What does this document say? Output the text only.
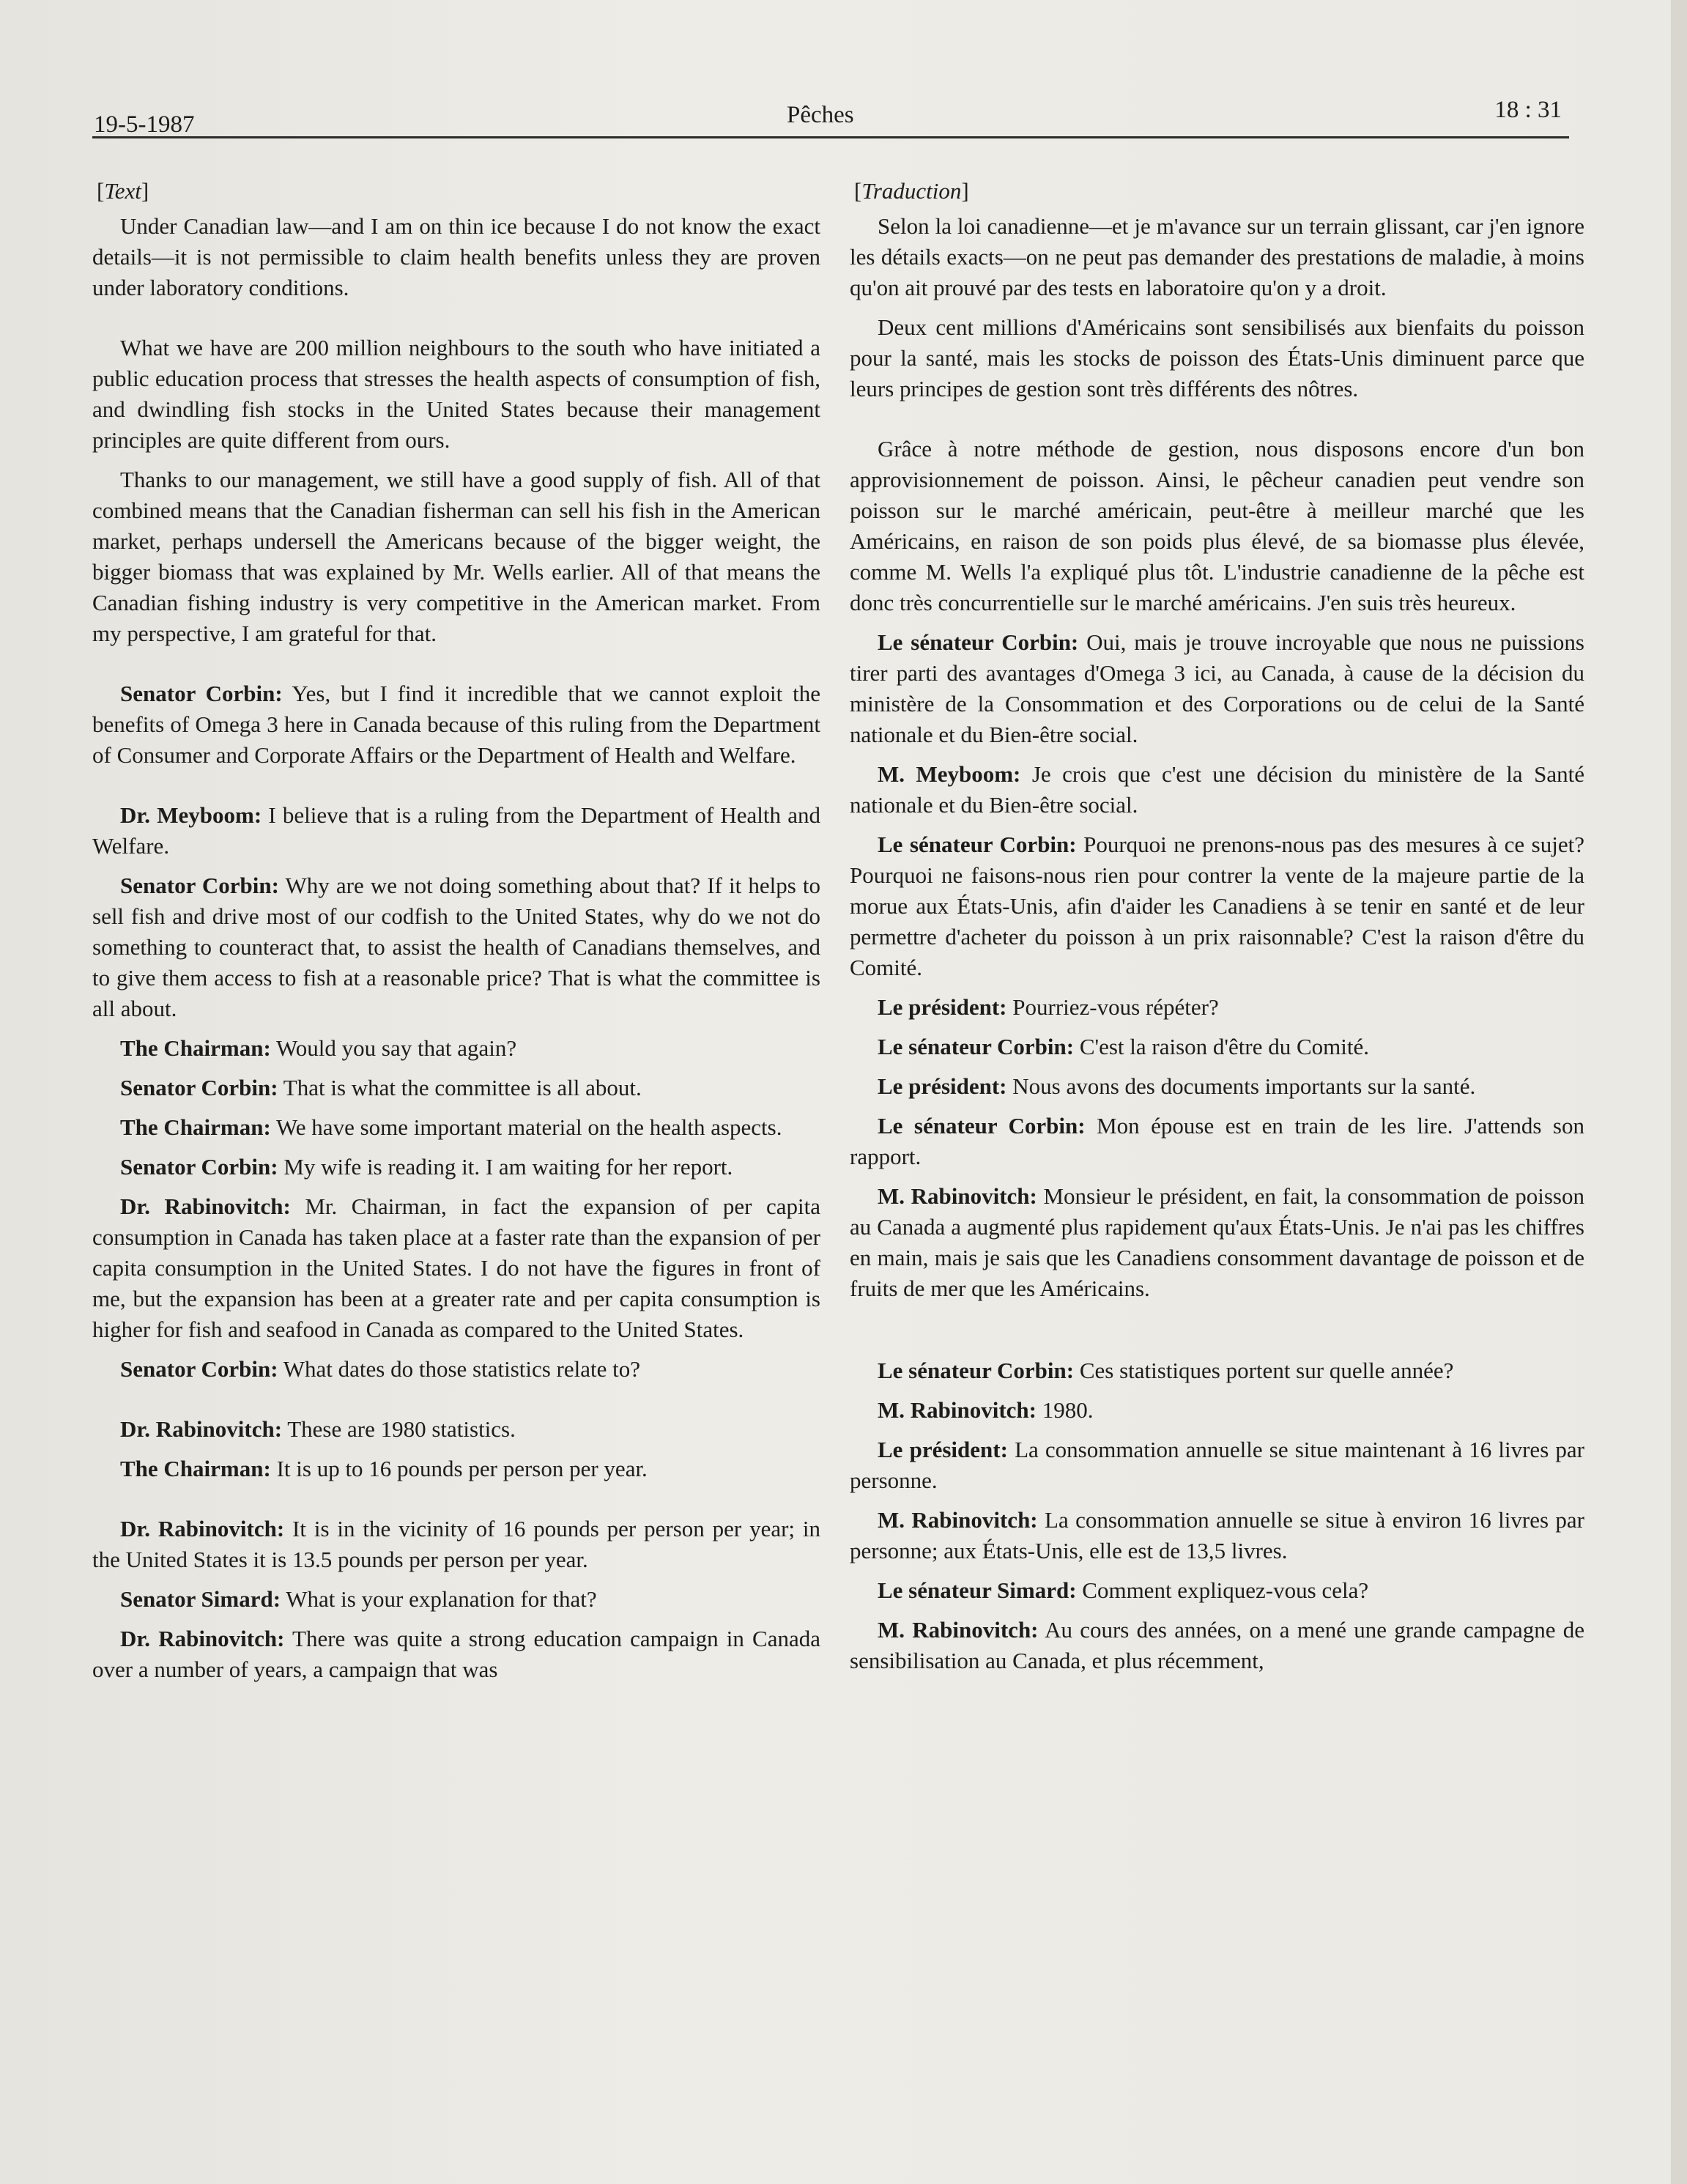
19-5-1987	Pêches	18 : 31
[Text]

Under Canadian law—and I am on thin ice because I do not know the exact details—it is not permissible to claim health benefits unless they are proven under laboratory conditions.

What we have are 200 million neighbours to the south who have initiated a public education process that stresses the health aspects of consumption of fish, and dwindling fish stocks in the United States because their management principles are quite different from ours.

Thanks to our management, we still have a good supply of fish. All of that combined means that the Canadian fisherman can sell his fish in the American market, perhaps undersell the Americans because of the bigger weight, the bigger biomass that was explained by Mr. Wells earlier. All of that means the Canadian fishing industry is very competitive in the American market. From my perspective, I am grateful for that.

Senator Corbin: Yes, but I find it incredible that we cannot exploit the benefits of Omega 3 here in Canada because of this ruling from the Department of Consumer and Corporate Affairs or the Department of Health and Welfare.

Dr. Meyboom: I believe that is a ruling from the Department of Health and Welfare.

Senator Corbin: Why are we not doing something about that? If it helps to sell fish and drive most of our codfish to the United States, why do we not do something to counteract that, to assist the health of Canadians themselves, and to give them access to fish at a reasonable price? That is what the committee is all about.

The Chairman: Would you say that again?

Senator Corbin: That is what the committee is all about.

The Chairman: We have some important material on the health aspects.

Senator Corbin: My wife is reading it. I am waiting for her report.

Dr. Rabinovitch: Mr. Chairman, in fact the expansion of per capita consumption in Canada has taken place at a faster rate than the expansion of per capita consumption in the United States. I do not have the figures in front of me, but the expansion has been at a greater rate and per capita consumption is higher for fish and seafood in Canada as compared to the United States.

Senator Corbin: What dates do those statistics relate to?

Dr. Rabinovitch: These are 1980 statistics.

The Chairman: It is up to 16 pounds per person per year.

Dr. Rabinovitch: It is in the vicinity of 16 pounds per person per year; in the United States it is 13.5 pounds per person per year.

Senator Simard: What is your explanation for that?

Dr. Rabinovitch: There was quite a strong education campaign in Canada over a number of years, a campaign that was

[Traduction]

Selon la loi canadienne—et je m'avance sur un terrain glissant, car j'en ignore les détails exacts—on ne peut pas demander des prestations de maladie, à moins qu'on ait prouvé par des tests en laboratoire qu'on y a droit.

Deux cent millions d'Américains sont sensibilisés aux bienfaits du poisson pour la santé, mais les stocks de poisson des États-Unis diminuent parce que leurs principes de gestion sont très différents des nôtres.

Grâce à notre méthode de gestion, nous disposons encore d'un bon approvisionnement de poisson. Ainsi, le pêcheur canadien peut vendre son poisson sur le marché américain, peut-être à meilleur marché que les Américains, en raison de son poids plus élevé, de sa biomasse plus élevée, comme M. Wells l'a expliqué plus tôt. L'industrie canadienne de la pêche est donc très concurrentielle sur le marché américains. J'en suis très heureux.

Le sénateur Corbin: Oui, mais je trouve incroyable que nous ne puissions tirer parti des avantages d'Omega 3 ici, au Canada, à cause de la décision du ministère de la Consommation et des Corporations ou de celui de la Santé nationale et du Bien-être social.

M. Meyboom: Je crois que c'est une décision du ministère de la Santé nationale et du Bien-être social.

Le sénateur Corbin: Pourquoi ne prenons-nous pas des mesures à ce sujet? Pourquoi ne faisons-nous rien pour contrer la vente de la majeure partie de la morue aux États-Unis, afin d'aider les Canadiens à se tenir en santé et de leur permettre d'acheter du poisson à un prix raisonnable? C'est la raison d'être du Comité.

Le président: Pourriez-vous répéter?

Le sénateur Corbin: C'est la raison d'être du Comité.

Le président: Nous avons des documents importants sur la santé.

Le sénateur Corbin: Mon épouse est en train de les lire. J'attends son rapport.

M. Rabinovitch: Monsieur le président, en fait, la consommation de poisson au Canada a augmenté plus rapidement qu'aux États-Unis. Je n'ai pas les chiffres en main, mais je sais que les Canadiens consomment davantage de poisson et de fruits de mer que les Américains.

Le sénateur Corbin: Ces statistiques portent sur quelle année?

M. Rabinovitch: 1980.

Le président: La consommation annuelle se situe maintenant à 16 livres par personne.

M. Rabinovitch: La consommation annuelle se situe à environ 16 livres par personne; aux États-Unis, elle est de 13,5 livres.

Le sénateur Simard: Comment expliquez-vous cela?

M. Rabinovitch: Au cours des années, on a mené une grande campagne de sensibilisation au Canada, et plus récemment,
